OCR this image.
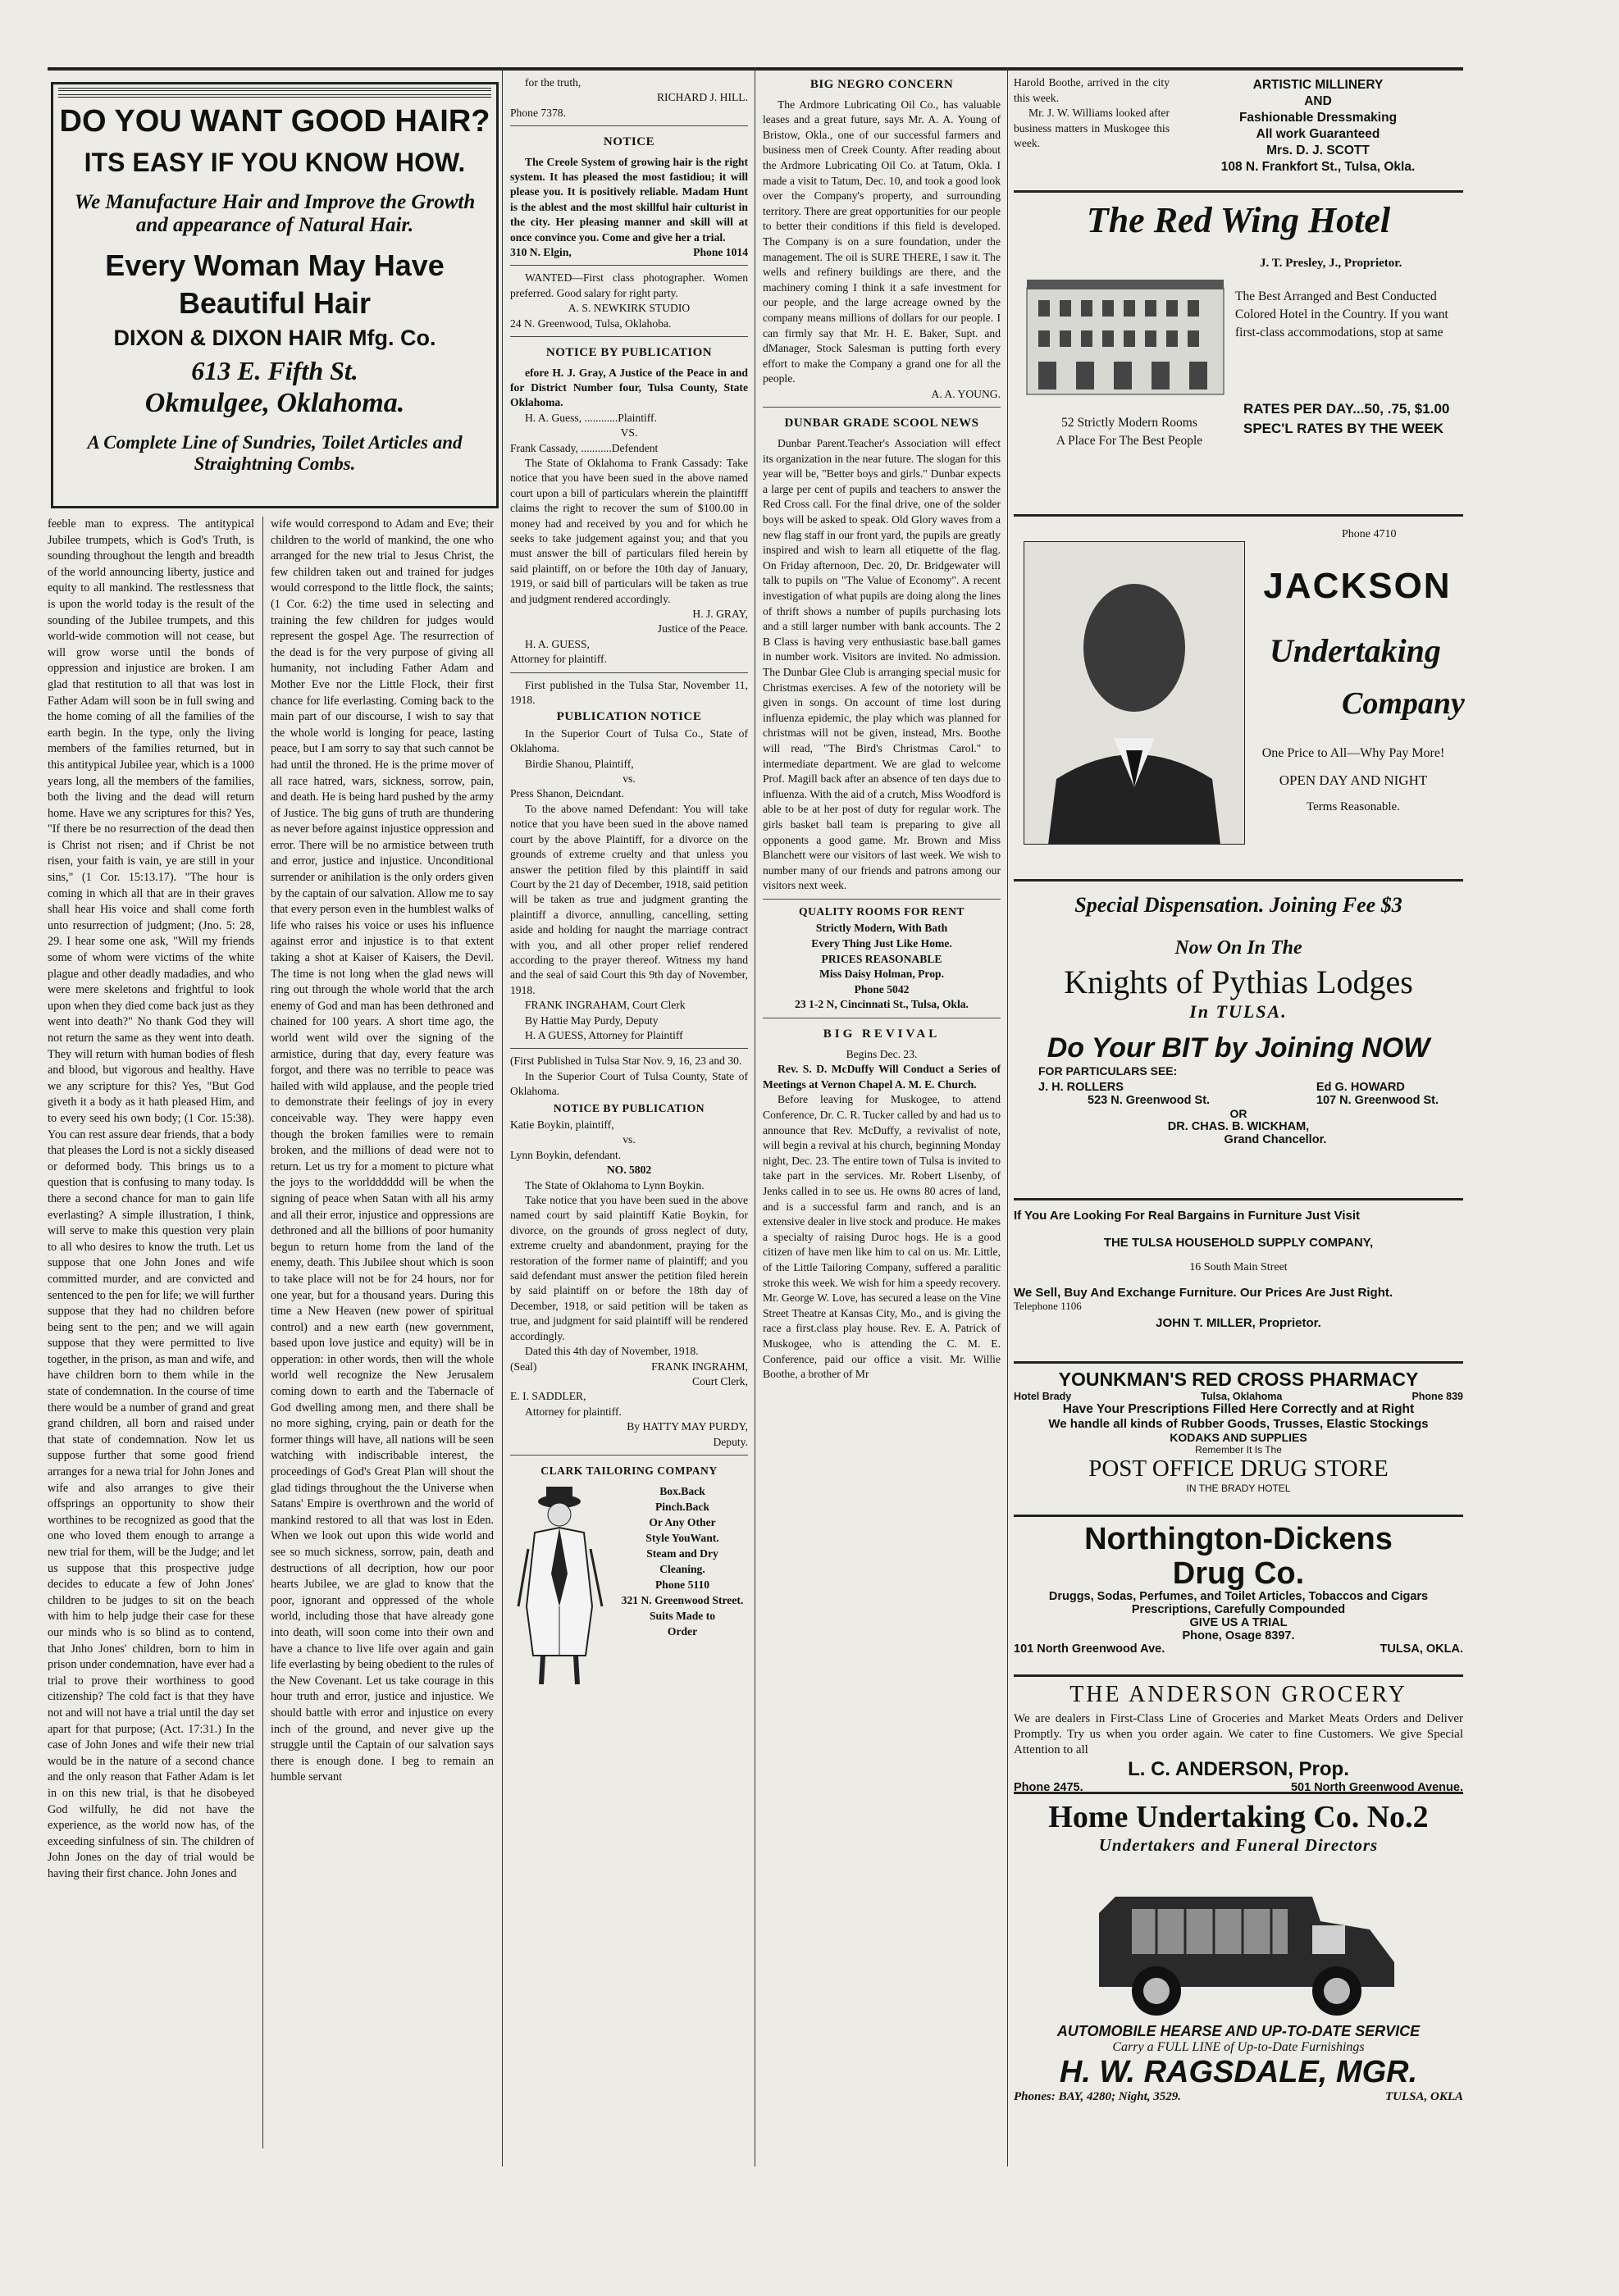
DO YOU WANT GOOD HAIR?
ITS EASY IF YOU KNOW HOW.
We Manufacture Hair and Improve the Growth and appearance of Natural Hair.
Every Woman May Have
Beautiful Hair
DIXON & DIXON HAIR Mfg. Co.
613 E. Fifth St.
Okmulgee, Oklahoma.
A Complete Line of Sundries, Toilet Articles and Straightning Combs.

feeble man to express. The antitypical Jubilee trumpets, which is God's Truth, is sounding throughout the length and breadth of the world announcing liberty, justice and equity to all mankind. The restlessness that is upon the world today is the result of the sounding of the Jubilee trumpets, and this world-wide commotion will not cease, but will grow worse until the bonds of oppression and injustice are broken. I am glad that restitution to all that was lost in Father Adam will soon be in full swing and the home coming of all the families of the earth begin. In the type, only the living members of the families returned, but in this antitypical Jubilee year, which is a 1000 years long, all the members of the families, both the living and the dead will return home. Have we any scriptures for this? Yes, "If there be no resurrection of the dead then is Christ not risen; and if Christ be not risen, your faith is vain, ye are still in your sins," (1 Cor. 15:13.17). "The hour is coming in which all that are in their graves shall hear His voice and shall come forth unto resurrection of judgment; (Jno. 5: 28, 29. I hear some one ask, "Will my friends some of whom were victims of the white plague and other deadly madadies, and who were mere skeletons and frightful to look upon when they died come back just as they went into death?" No thank God they will not return the same as they went into death. They will return with human bodies of flesh and blood, but vigorous and healthy. Have we any scripture for this? Yes, "But God giveth it a body as it hath pleased Him, and to every seed his own body; (1 Cor. 15:38). You can rest assure dear friends, that a body that pleases the Lord is not a sickly diseased or deformed body. This brings us to a question that is confusing to many today. Is there a second chance for man to gain life everlasting? A simple illustration, I think, will serve to make this question very plain to all who desires to know the truth. Let us suppose that one John Jones and wife committed murder, and are convicted and sentenced to the pen for life; we will further suppose that they had no children before being sent to the pen; and we will again suppose that they were permitted to live together, in the prison, as man and wife, and have children born to them while in the state of condemnation. In the course of time there would be a number of grand and great grand children, all born and raised under that state of condemnation. Now let us suppose further that some good friend arranges for a newa trial for John Jones and wife and also arranges to give their offsprings an opportunity to show their worthines to be recognized as good that the one who loved them enough to arrange a new trial for them, will be the Judge; and let us suppose that this prospective judge decides to educate a few of John Jones' children to be judges to sit on the beach with him to help judge their case for these our minds who is so blind as to contend, that Jnho Jones' children, born to him in prison under condemnation, have ever had a trial to prove their worthiness to good citizenship? The cold fact is that they have not and will not have a trial until the day set apart for that purpose; (Act. 17:31.) In the case of John Jones and wife their new trial would be in the nature of a second chance and the only reason that Father Adam is let in on this new trial, is that he disobeyed God wilfully, he did not have the experience, as the world now has, of the exceeding sinfulness of sin. The children of John Jones on the day of trial would be having their first chance. John Jones and

wife would correspond to Adam and Eve; their children to the world of mankind, the one who arranged for the new trial to Jesus Christ, the few children taken out and trained for judges would correspond to the little flock, the saints; (1 Cor. 6:2) the time used in selecting and training the few children for judges would represent the gospel Age. The resurrection of the dead is for the very purpose of giving all humanity, not including Father Adam and Mother Eve nor the Little Flock, their first chance for life everlasting. Coming back to the main part of our discourse, I wish to say that the whole world is longing for peace, lasting peace, but I am sorry to say that such cannot be had until the throned. He is the prime mover of all race hatred, wars, sickness, sorrow, pain, and death. He is being hard pushed by the army of Justice. The big guns of truth are thundering as never before against injustice oppression and error. There will be no armistice between truth and error, justice and injustice. Unconditional surrender or anihilation is the only orders given by the captain of our salvation. Allow me to say that every person even in the humblest walks of life who raises his voice or uses his influence against error and injustice is to that extent taking a shot at Kaiser of Kaisers, the Devil. The time is not long when the glad news will ring out through the whole world that the arch enemy of God and man has been dethroned and chained for 100 years. A short time ago, the world went wild over the signing of the armistice, during that day, every feature was forgot, and there was no terrible to peace was hailed with wild applause, and the people tried to demonstrate their feelings of joy in every conceivable way. They were happy even though the broken families were to remain broken, and the millions of dead were not to return. Let us try for a moment to picture what the joys to the worldddddd will be when the signing of peace when Satan with all his army and all their error, injustice and oppressions are dethroned and all the billions of poor humanity begun to return home from the land of the enemy, death. This Jubilee shout which is soon to take place will not be for 24 hours, nor for one year, but for a thousand years. During this time a New Heaven (new power of spiritual control) and a new earth (new government, based upon love justice and equity) will be in opperation: in other words, then will the whole world well recognize the New Jerusalem coming down to earth and the Tabernacle of God dwelling among men, and there shall be no more sighing, crying, pain or death for the former things will have, all nations will be seen watching with indiscribable interest, the proceedings of God's Great Plan will shout the glad tidings throughout the the Universe when Satans' Empire is overthrown and the world of mankind restored to all that was lost in Eden. When we look out upon this wide world and see so much sickness, sorrow, pain, death and destructions of all decription, how our poor hearts Jubilee, we are glad to know that the poor, ignorant and oppressed of the whole world, including those that have already gone into death, will soon come into their own and have a chance to live life over again and gain life everlasting by being obedient to the rules of the New Covenant. Let us take courage in this hour truth and error, justice and injustice. We should battle with error and injustice on every inch of the ground, and never give up the struggle until the Captain of our salvation says there is enough done. I beg to remain an humble servant

for the truth,

RICHARD J. HILL.

Phone 7378.

NOTICE

The Creole System of growing hair is the right system. It has pleased the most fastidiou; it will please you. It is positively reliable. Madam Hunt is the ablest and the most skillful hair culturist in the city. Her pleasing manner and skill will at once convince you. Come and give her a trial.

310 N. Elgin,	Phone 1014

WANTED—First class photographer. Women preferred. Good salary for right party.

A. S. NEWKIRK STUDIO

24 N. Greenwood, Tulsa, Oklahoba.

NOTICE BY PUBLICATION

efore H. J. Gray, A Justice of the Peace in and for District Number four, Tulsa County, State Oklahoma.

H. A. Guess, ............Plaintiff.

VS.

Frank Cassady, ...........Defendent

The State of Oklahoma to Frank Cassady: Take notice that you have been sued in the above named court upon a bill of particulars wherein the plaintifff claims the right to recover the sum of $100.00 in money had and received by you and for which he seeks to take judgement against you; and that you must answer the bill of particulars filed herein by said plaintiff, on or before the 10th day of January, 1919, or said bill of particulars will be taken as true and judgment rendered accordingly.

H. J. GRAY,

Justice of the Peace.

H. A. GUESS,

Attorney for plaintiff.

First published in the Tulsa Star, November 11, 1918.

PUBLICATION NOTICE

In the Superior Court of Tulsa Co., State of Oklahoma.

Birdie Shanou, Plaintiff,

vs.

Press Shanon, Deicndant.

To the above named Defendant: You will take notice that you have been sued in the above named court by the above Plaintiff, for a divorce on the grounds of extreme cruelty and that unless you answer the petition filed by this plaintiff in said Court by the 21 day of December, 1918, said petition will be taken as true and judgment granting the plaintiff a divorce, annulling, cancelling, setting aside and holding for naught the marriage contract with you, and all other proper relief rendered according to the prayer thereof. Witness my hand and the seal of said Court this 9th day of November, 1918.

FRANK INGRAHAM, Court Clerk

By Hattie May Purdy, Deputy

H. A GUESS, Attorney for Plaintiff

(First Published in Tulsa Star Nov. 9, 16, 23 and 30.

In the Superior Court of Tulsa County, State of Oklahoma.

NOTICE BY PUBLICATION

Katie Boykin, plaintiff,

vs.

Lynn Boykin, defendant.

NO. 5802

The State of Oklahoma to Lynn Boykin.

Take notice that you have been sued in the above named court by said plaintiff Katie Boykin, for divorce, on the grounds of gross neglect of duty, extreme cruelty and abandonment, praying for the restoration of the former name of plaintiff; and you said defendant must answer the petition filed herein by said plaintiff on or before the 18th day of December, 1918, or said petition will be taken as true, and judgment for said plaintiff will be rendered accordingly.

Dated this 4th day of November, 1918.

(Seal)	FRANK INGRAHM,

Court Clerk,

E. I. SADDLER,

Attorney for plaintiff.

By HATTY MAY PURDY,

Deputy.

CLARK TAILORING COMPANY
Box.Back
Pinch.Back
Or Any Other
Style YouWant.
Steam and Dry
Cleaning.
Phone 5110
321 N. Greenwood Street.
Suits Made to
Order
BIG NEGRO CONCERN

The Ardmore Lubricating Oil Co., has valuable leases and a great future, says Mr. A. A. Young of Bristow, Okla., one of our successful farmers and business men of Creek County. After reading about the Ardmore Lubricating Oil Co. at Tatum, Okla. I made a visit to Tatum, Dec. 10, and took a good look over the Company's property, and surrounding territory. There are great opportunities for our people to better their conditions if this field is developed. The Company is on a sure foundation, under the management. The oil is SURE THERE, I saw it. The wells and refinery buildings are there, and the machinery coming I think it a safe investment for our people, and the large acreage owned by the company means millions of dollars for our people. I can firmly say that Mr. H. E. Baker, Supt. and dManager, Stock Salesman is putting forth every effort to make the Company a grand one for all the people.

A. A. YOUNG.

DUNBAR GRADE SCOOL NEWS

Dunbar Parent.Teacher's Association will effect its organization in the near future. The slogan for this year will be, "Better boys and girls." Dunbar expects a large per cent of pupils and teachers to answer the Red Cross call. For the final drive, one of the solder boys will be asked to speak. Old Glory waves from a new flag staff in our front yard, the pupils are greatly inspired and wish to learn all etiquette of the flag. On Friday afternoon, Dec. 20, Dr. Bridgewater will talk to pupils on "The Value of Economy". A recent investigation of what pupils are doing along the lines of thrift shows a number of pupils purchasing lots and a still larger number with bank accounts. The 2 B Class is having very enthusiastic base.ball games in number work. Visitors are invited. No admission. The Dunbar Glee Club is arranging special music for Christmas exercises. A few of the notoriety will be given in songs. On account of time lost during influenza epidemic, the play which was planned for christmas will not be given, instead, Mrs. Boothe will read, "The Bird's Christmas Carol." to intermediate department. We are glad to welcome Prof. Magill back after an absence of ten days due to influenza. With the aid of a crutch, Miss Woodford is able to be at her post of duty for regular work. The girls basket ball team is preparing to give all opponents a good game. Mr. Brown and Miss Blanchett were our visitors of last week. We wish to number many of our friends and patrons among our visitors next week.

QUALITY ROOMS FOR RENT
Strictly Modern, With Bath
Every Thing Just Like Home.
PRICES REASONABLE
Miss Daisy Holman, Prop.
Phone 5042
23 1-2 N, Cincinnati St., Tulsa, Okla.
BIG REVIVAL

Begins Dec. 23.

Rev. S. D. McDuffy Will Conduct a Series of Meetings at Vernon Chapel A. M. E. Church.

Before leaving for Muskogee, to attend Conference, Dr. C. R. Tucker called by and had us to announce that Rev. McDuffy, a revivalist of note, will begin a revival at his church, beginning Monday night, Dec. 23. The entire town of Tulsa is invited to take part in the services. Mr. Robert Lisenby, of Jenks called in to see us. He owns 80 acres of land, and is a successful farm and ranch, and is an extensive dealer in live stock and produce. He makes a specialty of raising Duroc hogs. He is a good citizen of have men like him to cal on us. Mr. Little, of the Little Tailoring Company, suffered a paralitic stroke this week. We wish for him a speedy recovery. Mr. George W. Love, has secured a lease on the Vine Street Theatre at Kansas City, Mo., and is giving the race a first.class play house. Rev. E. A. Patrick of Muskogee, who is attending the C. M. E. Conference, paid our office a visit. Mr. Willie Boothe, a brother of Mr

Harold Boothe, arrived in the city this week.

Mr. J. W. Williams looked after business matters in Muskogee this week.

ARTISTIC MILLINERY
AND
Fashionable Dressmaking
All work Guaranteed
Mrs. D. J. SCOTT
108 N. Frankfort St., Tulsa, Okla.
The Red Wing Hotel
J. T. Presley, J., Proprietor.
The Best Arranged and Best Conducted Colored Hotel in the Country. If you want first-class accommodations, stop at same
52 Strictly Modern Rooms
A Place For The Best People
RATES PER DAY...50, .75, $1.00
SPEC'L RATES BY THE WEEK
Phone 4710
JACKSON
Undertaking
Company
One Price to All—Why Pay More!
OPEN DAY AND NIGHT
Terms Reasonable.
Special Dispensation. Joining Fee $3
Now On In The
Knights of Pythias Lodges
In TULSA.
Do Your BIT by Joining NOW
FOR PARTICULARS SEE:
J. H. ROLLERS
523 N. Greenwood St.
Ed G. HOWARD
107 N. Greenwood St.
OR
DR. CHAS. B. WICKHAM,
Grand Chancellor.
If You Are Looking For Real Bargains in Furniture Just Visit
THE TULSA HOUSEHOLD SUPPLY COMPANY,
16 South Main Street
We Sell, Buy And Exchange Furniture. Our Prices Are Just Right.
Telephone 1106
JOHN T. MILLER, Proprietor.
YOUNKMAN'S RED CROSS PHARMACY
Hotel Brady	Tulsa, Oklahoma	Phone 839
Have Your Prescriptions Filled Here Correctly and at Right
We handle all kinds of Rubber Goods, Trusses, Elastic Stockings
KODAKS AND SUPPLIES
Remember It Is The
POST OFFICE DRUG STORE
IN THE BRADY HOTEL
Northington-Dickens
Drug Co.
Druggs, Sodas, Perfumes, and Toilet Articles, Tobaccos and Cigars
Prescriptions, Carefully Compounded
GIVE US A TRIAL
Phone, Osage 8397.
101 North Greenwood Ave.	TULSA, OKLA.
THE ANDERSON GROCERY
We are dealers in First-Class Line of Groceries and Market Meats Orders and Deliver Promptly. Try us when you order again. We cater to fine Customers. We give Special Attention to all
L. C. ANDERSON, Prop.
Phone 2475.	501 North Greenwood Avenue.
Home Undertaking Co. No.2
Undertakers and Funeral Directors
AUTOMOBILE HEARSE AND UP-TO-DATE SERVICE
Carry a FULL LINE of Up-to-Date Furnishings
H. W. RAGSDALE, MGR.
Phones: BAY, 4280; Night, 3529.	TULSA, OKLA
